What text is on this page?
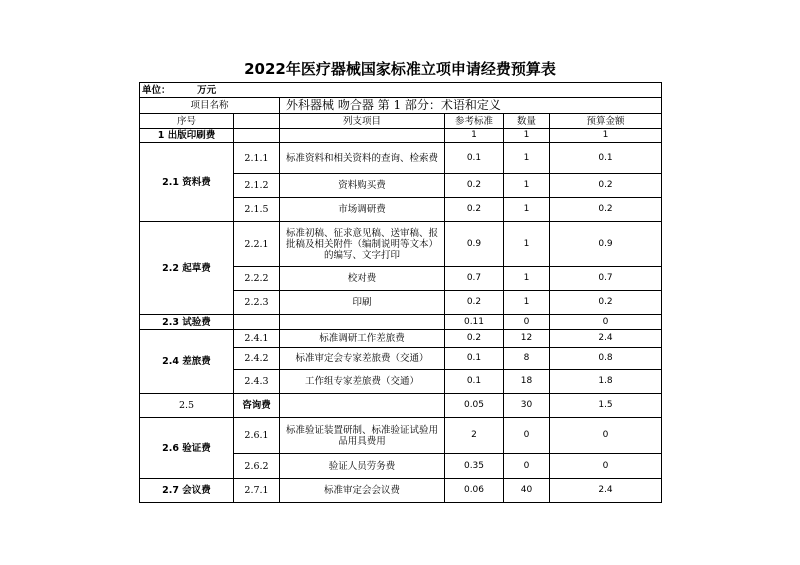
2022年医疗器械国家标准立项申请经费预算表
单位： 万元					
项目名称		外科器械 吻合器 第 1 部分：术语和定义			
序号		列支项目	参考标准	数量	预算金额
1 出版印刷费			1	1	1
2.1 资料费	2.1.1	标准资料和相关资料的查询、检索费	0.1	1	0.1
	2.1.2	资料购买费	0.2	1	0.2
	2.1.5	市场调研费	0.2	1	0.2
2.2 起草费	2.2.1	标准初稿、征求意见稿、送审稿、报批稿及相关附件（编制说明等文本）的编写、文字打印	0.9	1	0.9
	2.2.2	校对费	0.7	1	0.7
	2.2.3	印刷	0.2	1	0.2
2.3 试验费			0.11	0	0
2.4 差旅费	2.4.1	标准调研工作差旅费	0.2	12	2.4
	2.4.2	标准审定会专家差旅费（交通）	0.1	8	0.8
	2.4.3	工作组专家差旅费（交通）	0.1	18	1.8
2.5	咨询费		0.05	30	1.5
2.6 验证费	2.6.1	标准验证装置研制、标准验证试验用品用具费用	2	0	0
	2.6.2	验证人员劳务费	0.35	0	0
2.7 会议费	2.7.1	标准审定会会议费	0.06	40	2.4
